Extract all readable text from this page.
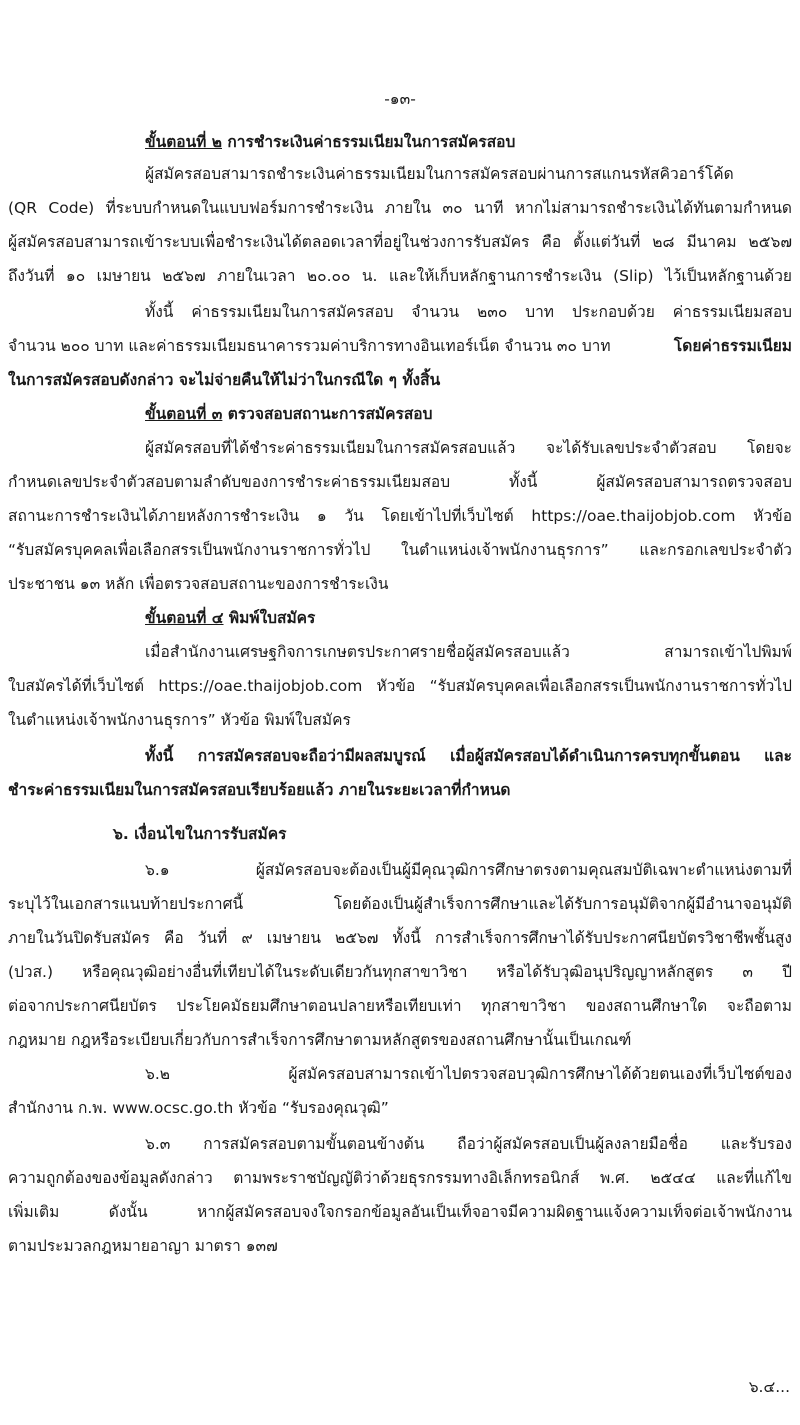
-๑๓-
ขั้นตอนที่ ๒ การชำระเงินค่าธรรมเนียมในการสมัครสอบ
ผู้สมัครสอบสามารถชำระเงินค่าธรรมเนียมในการสมัครสอบผ่านการสแกนรหัสคิวอาร์โค้ด
(QR Code) ที่ระบบกำหนดในแบบฟอร์มการชำระเงิน ภายใน ๓๐ นาที หากไม่สามารถชำระเงินได้ทันตามกำหนด
ผู้สมัครสอบสามารถเข้าระบบเพื่อชำระเงินได้ตลอดเวลาที่อยู่ในช่วงการรับสมัคร คือ ตั้งแต่วันที่ ๒๘ มีนาคม ๒๕๖๗
ถึงวันที่ ๑๐ เมษายน ๒๕๖๗ ภายในเวลา ๒๐.๐๐ น. และให้เก็บหลักฐานการชำระเงิน (Slip) ไว้เป็นหลักฐานด้วย
ทั้งนี้ ค่าธรรมเนียมในการสมัครสอบ จำนวน ๒๓๐ บาท ประกอบด้วย ค่าธรรมเนียมสอบ
จำนวน ๒๐๐ บาท และค่าธรรมเนียมธนาคารรวมค่าบริการทางอินเทอร์เน็ต จำนวน ๓๐ บาท	โดยค่าธรรมเนียม
ในการสมัครสอบดังกล่าว จะไม่จ่ายคืนให้ไม่ว่าในกรณีใด ๆ ทั้งสิ้น
ขั้นตอนที่ ๓ ตรวจสอบสถานะการสมัครสอบ
ผู้สมัครสอบที่ได้ชำระค่าธรรมเนียมในการสมัครสอบแล้ว จะได้รับเลขประจำตัวสอบ โดยจะ
กำหนดเลขประจำตัวสอบตามลำดับของการชำระค่าธรรมเนียมสอบ ทั้งนี้ ผู้สมัครสอบสามารถตรวจสอบ
สถานะการชำระเงินได้ภายหลังการชำระเงิน ๑ วัน โดยเข้าไปที่เว็บไซต์ https://oae.thaijobjob.com หัวข้อ
“รับสมัครบุคคลเพื่อเลือกสรรเป็นพนักงานราชการทั่วไป ในตำแหน่งเจ้าพนักงานธุรการ” และกรอกเลขประจำตัว
ประชาชน ๑๓ หลัก เพื่อตรวจสอบสถานะของการชำระเงิน
ขั้นตอนที่ ๔ พิมพ์ใบสมัคร
เมื่อสำนักงานเศรษฐกิจการเกษตรประกาศรายชื่อผู้สมัครสอบแล้ว สามารถเข้าไปพิมพ์
ใบสมัครได้ที่เว็บไซต์ https://oae.thaijobjob.com หัวข้อ “รับสมัครบุคคลเพื่อเลือกสรรเป็นพนักงานราชการทั่วไป
ในตำแหน่งเจ้าพนักงานธุรการ” หัวข้อ พิมพ์ใบสมัคร
ทั้งนี้ การสมัครสอบจะถือว่ามีผลสมบูรณ์ เมื่อผู้สมัครสอบได้ดำเนินการครบทุกขั้นตอน และ
ชำระค่าธรรมเนียมในการสมัครสอบเรียบร้อยแล้ว ภายในระยะเวลาที่กำหนด
๖. เงื่อนไขในการรับสมัคร
๖.๑ ผู้สมัครสอบจะต้องเป็นผู้มีคุณวุฒิการศึกษาตรงตามคุณสมบัติเฉพาะตำแหน่งตามที่
ระบุไว้ในเอกสารแนบท้ายประกาศนี้ โดยต้องเป็นผู้สำเร็จการศึกษาและได้รับการอนุมัติจากผู้มีอำนาจอนุมัติ
ภายในวันปิดรับสมัคร คือ วันที่ ๙ เมษายน ๒๕๖๗ ทั้งนี้ การสำเร็จการศึกษาได้รับประกาศนียบัตรวิชาชีพชั้นสูง
(ปวส.) หรือคุณวุฒิอย่างอื่นที่เทียบได้ในระดับเดียวกันทุกสาขาวิชา หรือได้รับวุฒิอนุปริญญาหลักสูตร ๓ ปี
ต่อจากประกาศนียบัตร ประโยคมัธยมศึกษาตอนปลายหรือเทียบเท่า ทุกสาขาวิชา ของสถานศึกษาใด จะถือตาม
กฎหมาย กฎหรือระเบียบเกี่ยวกับการสำเร็จการศึกษาตามหลักสูตรของสถานศึกษานั้นเป็นเกณฑ์
๖.๒ ผู้สมัครสอบสามารถเข้าไปตรวจสอบวุฒิการศึกษาได้ด้วยตนเองที่เว็บไซต์ของ
สำนักงาน ก.พ. www.ocsc.go.th หัวข้อ “รับรองคุณวุฒิ”
๖.๓ การสมัครสอบตามขั้นตอนข้างต้น ถือว่าผู้สมัครสอบเป็นผู้ลงลายมือชื่อ และรับรอง
ความถูกต้องของข้อมูลดังกล่าว ตามพระราชบัญญัติว่าด้วยธุรกรรมทางอิเล็กทรอนิกส์ พ.ศ. ๒๕๔๔ และที่แก้ไข
เพิ่มเติม ดังนั้น หากผู้สมัครสอบจงใจกรอกข้อมูลอันเป็นเท็จอาจมีความผิดฐานแจ้งความเท็จต่อเจ้าพนักงาน
ตามประมวลกฎหมายอาญา มาตรา ๑๓๗
๖.๔...
